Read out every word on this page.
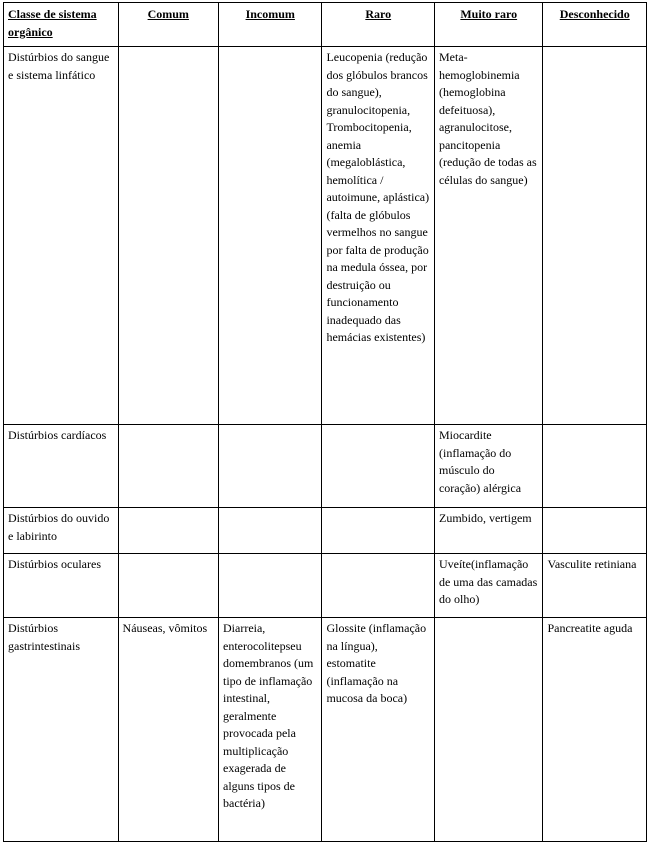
Classe de sistema orgânico	Comum	Incomum	Raro	Muito raro	Desconhecido
Distúrbios do sangue e sistema linfático			Leucopenia (redução dos glóbulos brancos do sangue), granulocitopenia, Trombocitopenia, anemia (megaloblástica, hemolítica / autoimune, aplástica) (falta de glóbulos vermelhos no sangue por falta de produção na medula óssea, por destruição ou funcionamento inadequado das hemácias existentes)	Meta-hemoglobinemia (hemoglobina defeituosa), agranulocitose, pancitopenia (redução de todas as células do sangue)	
Distúrbios cardíacos				Miocardite (inflamação do músculo do coração) alérgica	
Distúrbios do ouvido e labirinto				Zumbido, vertigem	
Distúrbios oculares				Uveíte(inflamação de uma das camadas do olho)	Vasculite retiniana
Distúrbios gastrintestinais	Náuseas, vômitos	Diarreia, enterocolitepseu domembranos (um tipo de inflamação intestinal, geralmente provocada pela multiplicação exagerada de alguns tipos de bactéria)	Glossite (inflamação na língua), estomatite (inflamação na mucosa da boca)		Pancreatite aguda
